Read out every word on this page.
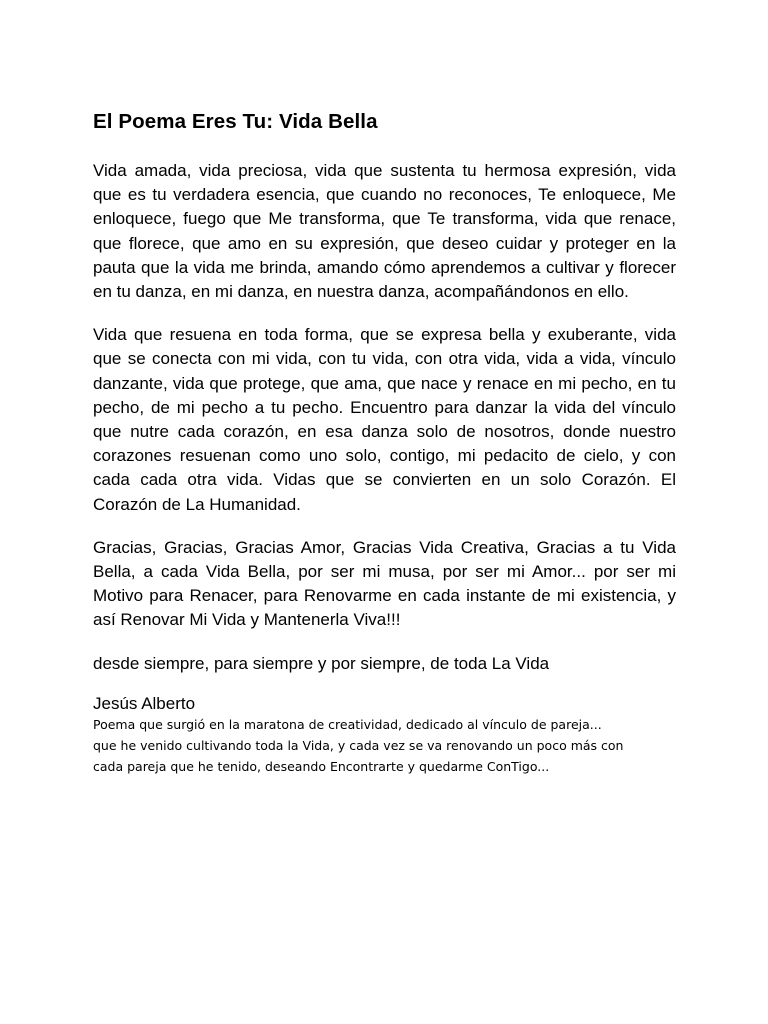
El Poema Eres Tu: Vida Bella

Vida amada, vida preciosa, vida que sustenta tu hermosa expresión, vida que es tu verdadera esencia, que cuando no reconoces, Te enloquece, Me enloquece, fuego que Me transforma, que Te transforma, vida que renace, que florece, que amo en su expresión, que deseo cuidar y proteger en la pauta que la vida me brinda, amando cómo aprendemos a cultivar y florecer en tu danza, en mi danza, en nuestra danza, acompañándonos en ello.

Vida que resuena en toda forma, que se expresa bella y exuberante, vida que se conecta con mi vida, con tu vida, con otra vida, vida a vida, vínculo danzante, vida que protege, que ama, que nace y renace en mi pecho, en tu pecho, de mi pecho a tu pecho. Encuentro para danzar la vida del vínculo que nutre cada corazón, en esa danza solo de nosotros, donde nuestro corazones resuenan como uno solo, contigo, mi pedacito de cielo, y con cada cada otra vida. Vidas que se convierten en un solo Corazón. El Corazón de La Humanidad.

Gracias, Gracias, Gracias Amor, Gracias Vida Creativa, Gracias a tu Vida Bella, a cada Vida Bella, por ser mi musa, por ser mi Amor... por ser mi Motivo para Renacer, para Renovarme en cada instante de mi existencia, y así Renovar Mi Vida y Mantenerla Viva!!!

desde siempre, para siempre y por siempre, de toda La Vida

Jesús Alberto

Poema que surgió en la maratona de creatividad, dedicado al vínculo de pareja...

que he venido cultivando toda la Vida, y cada vez se va renovando un poco más con

cada pareja que he tenido, deseando Encontrarte y quedarme ConTigo...
